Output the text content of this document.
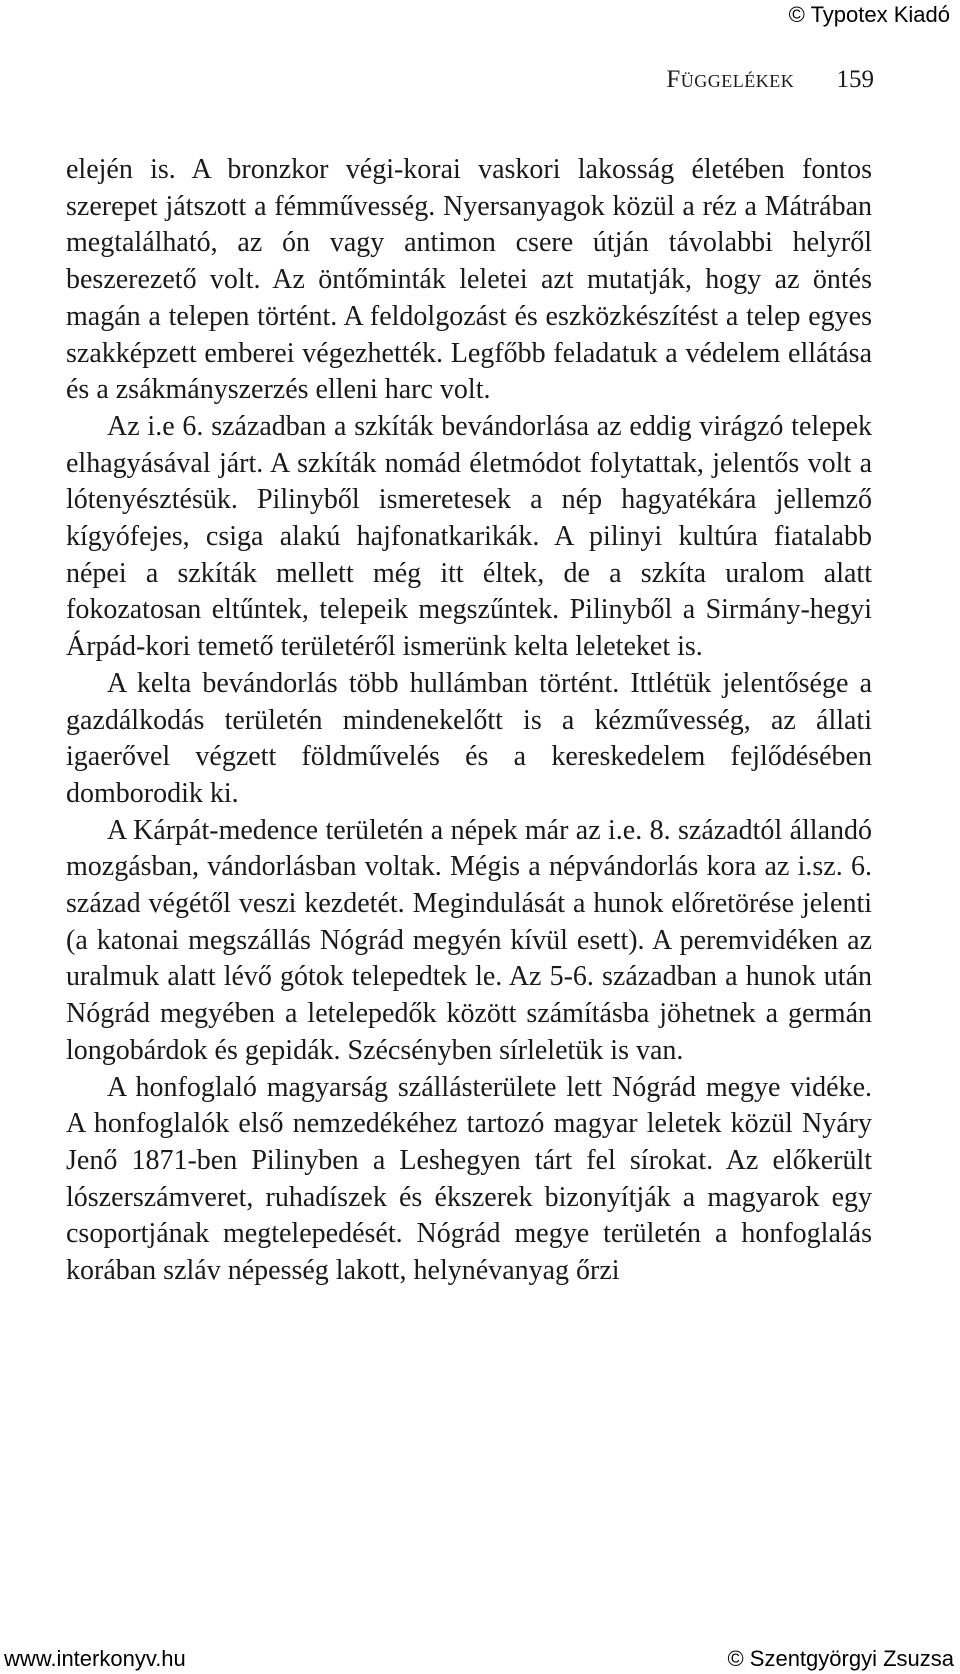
© Typotex Kiadó
Függelékek 159

elején is. A bronzkor végi-korai vaskori lakosság életében fontos szerepet játszott a fémművesség. Nyersanyagok közül a réz a Mátrában megtalálható, az ón vagy antimon csere útján távolabbi helyről beszerezető volt. Az öntőminták leletei azt mutatják, hogy az öntés magán a telepen történt. A feldolgozást és eszközkészítést a telep egyes szakképzett emberei végezhették. Legfőbb feladatuk a védelem ellátása és a zsákmányszerzés elleni harc volt.

Az i.e 6. században a szkíták bevándorlása az eddig virágzó telepek elhagyásával járt. A szkíták nomád életmódot folytattak, jelentős volt a lótenyésztésük. Pilinyből ismeretesek a nép hagyatékára jellemző kígyófejes, csiga alakú hajfonatkarikák. A pilinyi kultúra fiatalabb népei a szkíták mellett még itt éltek, de a szkíta uralom alatt fokozatosan eltűntek, telepeik megszűntek. Pilinyből a Sirmány-hegyi Árpád-kori temető területéről ismerünk kelta leleteket is.

A kelta bevándorlás több hullámban történt. Ittlétük jelentősége a gazdálkodás területén mindenekelőtt is a kézművesség, az állati igaerővel végzett földművelés és a kereskedelem fejlődésében domborodik ki.

A Kárpát-medence területén a népek már az i.e. 8. századtól állandó mozgásban, vándorlásban voltak. Mégis a népvándorlás kora az i.sz. 6. század végétől veszi kezdetét. Megindulását a hunok előretörése jelenti (a katonai megszállás Nógrád megyén kívül esett). A peremvidéken az uralmuk alatt lévő gótok telepedtek le. Az 5-6. században a hunok után Nógrád megyében a letelepedők között számításba jöhetnek a germán longobárdok és gepidák. Szécsényben sírleletük is van.

A honfoglaló magyarság szállásterülete lett Nógrád megye vidéke. A honfoglalók első nemzedékéhez tartozó magyar leletek közül Nyáry Jenő 1871-ben Pilinyben a Leshegyen tárt fel sírokat. Az előkerült lószerszámveret, ruhadíszek és ékszerek bizonyítják a magyarok egy csoportjának megtelepedését. Nógrád megye területén a honfoglalás korában szláv népesség lakott, helynévanyag őrzi

www.interkonyv.hu	© Szentgyörgyi Zsuzsa
